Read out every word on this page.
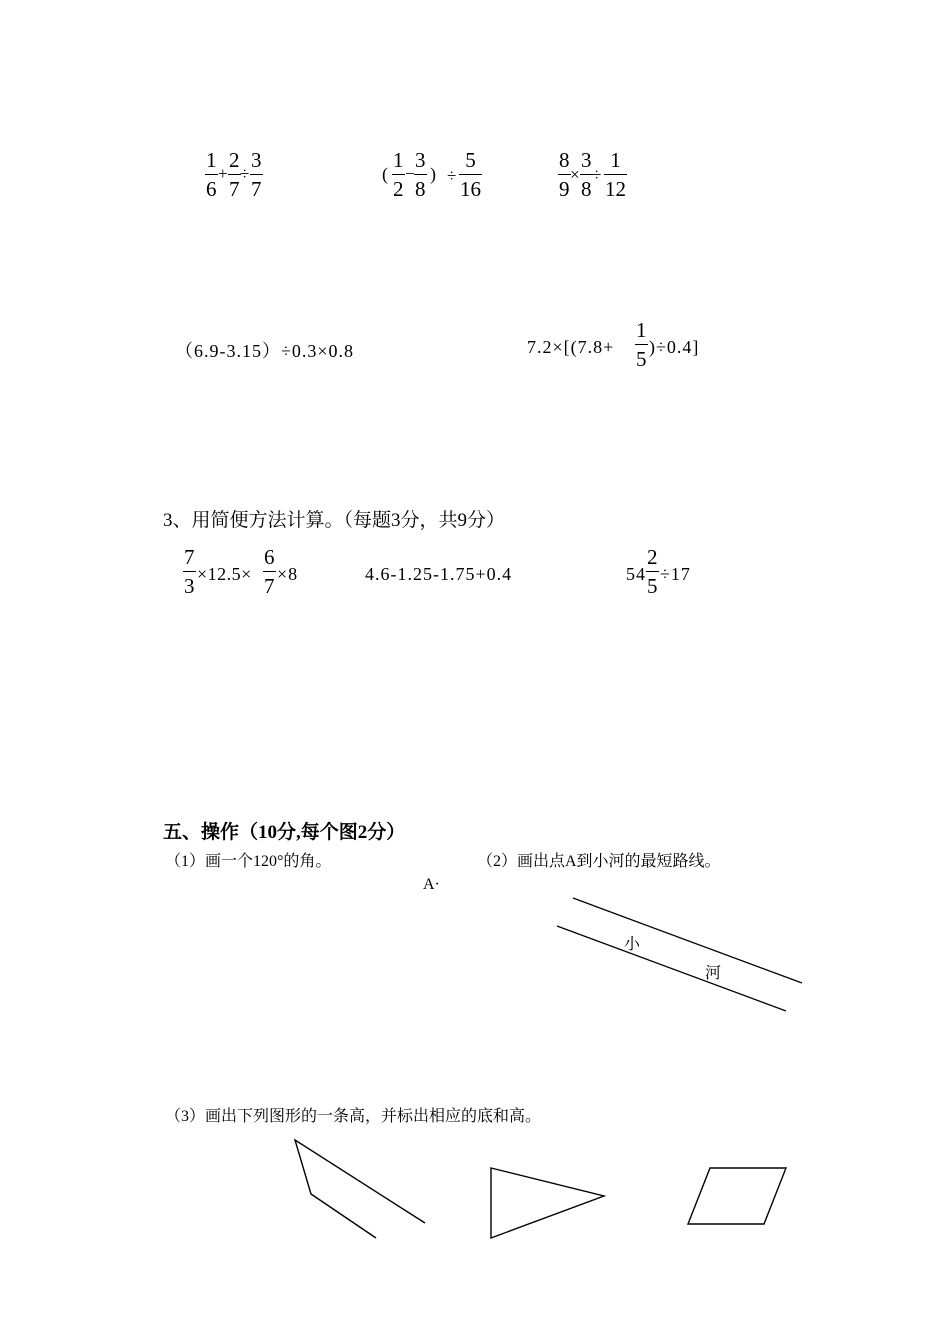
1
6
+
2
7
÷
3
7
(
1
2
−
3
8
) ÷
5
16
8
9
×
3
8
÷
1
12
（6.9-3.15）÷0.3×0.8	7.2×[(7.8+
1
5 )÷0.4]
3、用简便方法计算。（每题3分，共9分）
7
3 ×12.5×
6
7 ×8	4.6-1.25-1.75+0.4	54
2
5 ÷17
五、操作（10分,每个图2分）
（1）画一个120°的角。	（2）画出点A到小河的最短路线。
A·
小
河
（3）画出下列图形的一条高，并标出相应的底和高。
